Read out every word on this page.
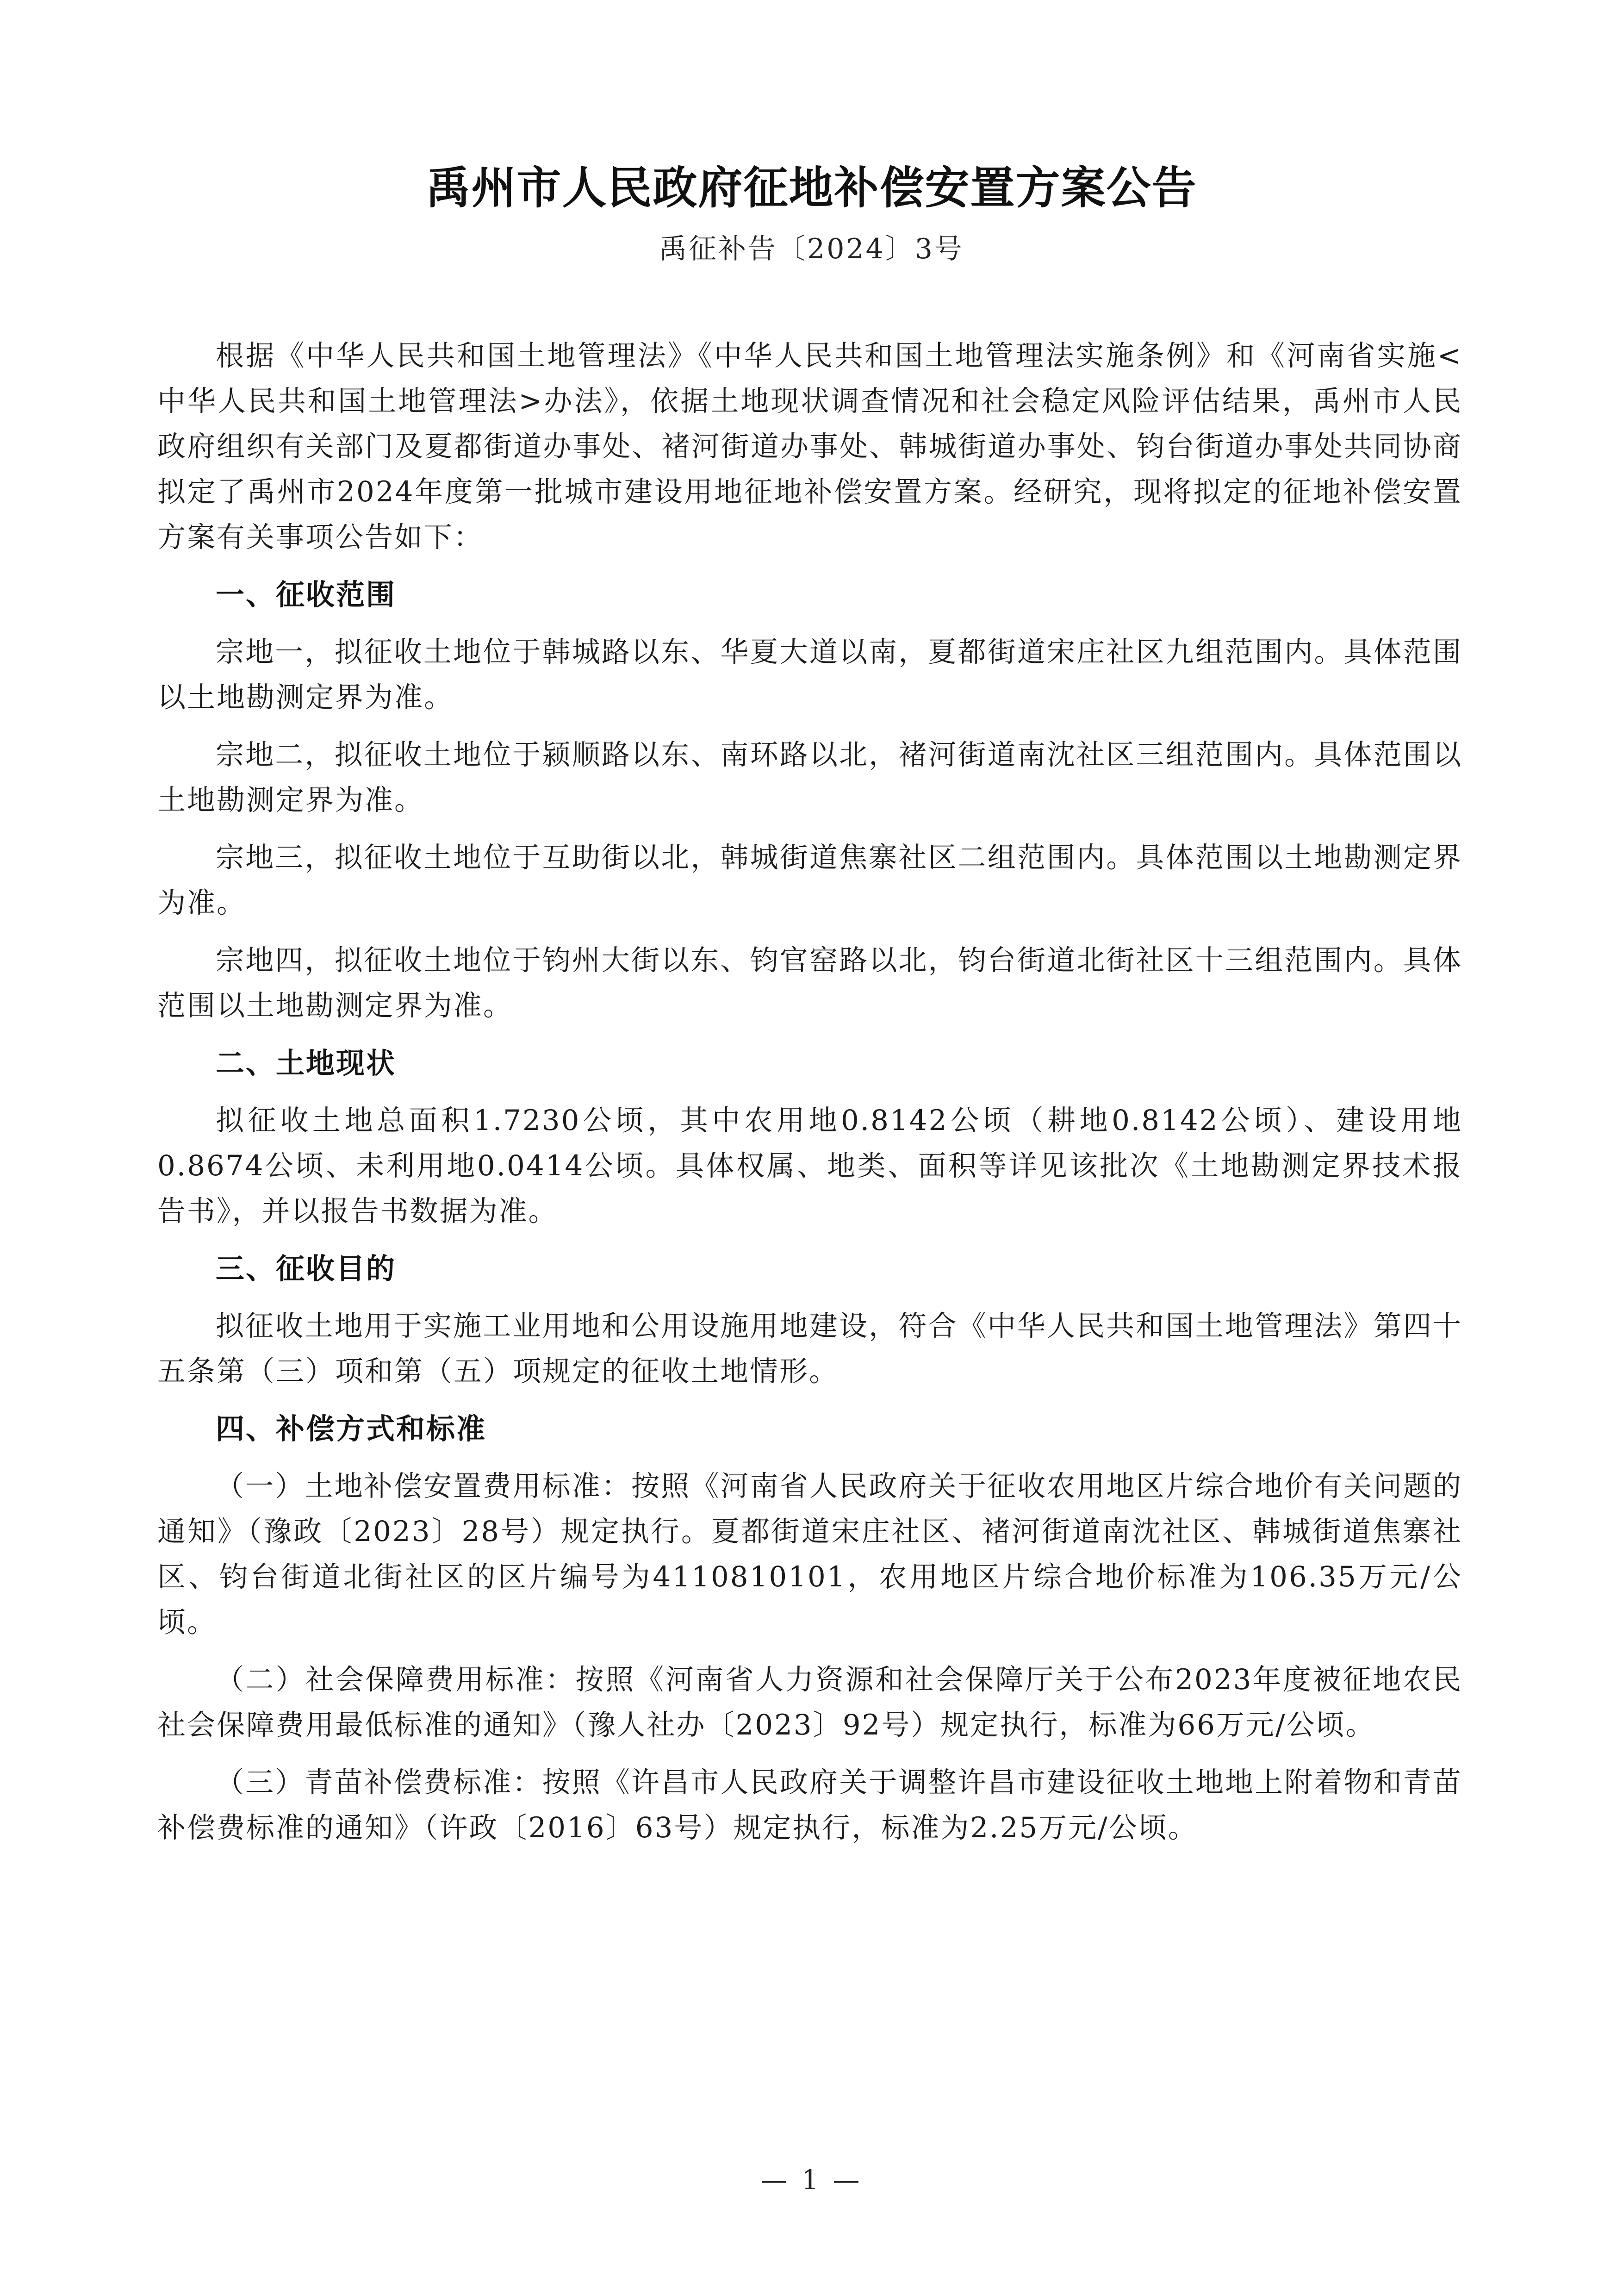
禹州市人民政府征地补偿安置方案公告
禹征补告〔2024〕3号

根据《中华人民共和国土地管理法》《中华人民共和国土地管理法实施条例》和《河南省实施<中华人民共和国土地管理法>办法》，依据土地现状调查情况和社会稳定风险评估结果，禹州市人民政府组织有关部门及夏都街道办事处、褚河街道办事处、韩城街道办事处、钧台街道办事处共同协商拟定了禹州市2024年度第一批城市建设用地征地补偿安置方案。经研究，现将拟定的征地补偿安置方案有关事项公告如下：

一、征收范围

宗地一，拟征收土地位于韩城路以东、华夏大道以南，夏都街道宋庄社区九组范围内。具体范围以土地勘测定界为准。

宗地二，拟征收土地位于颍顺路以东、南环路以北，褚河街道南沈社区三组范围内。具体范围以土地勘测定界为准。

宗地三，拟征收土地位于互助街以北，韩城街道焦寨社区二组范围内。具体范围以土地勘测定界为准。

宗地四，拟征收土地位于钧州大街以东、钧官窑路以北，钧台街道北街社区十三组范围内。具体范围以土地勘测定界为准。

二、土地现状

拟征收土地总面积1.7230公顷，其中农用地0.8142公顷（耕地0.8142公顷）、建设用地0.8674公顷、未利用地0.0414公顷。具体权属、地类、面积等详见该批次《土地勘测定界技术报告书》，并以报告书数据为准。

三、征收目的

拟征收土地用于实施工业用地和公用设施用地建设，符合《中华人民共和国土地管理法》第四十五条第（三）项和第（五）项规定的征收土地情形。

四、补偿方式和标准

（一）土地补偿安置费用标准：按照《河南省人民政府关于征收农用地区片综合地价有关问题的通知》（豫政〔2023〕28号）规定执行。夏都街道宋庄社区、褚河街道南沈社区、韩城街道焦寨社区、钧台街道北街社区的区片编号为4110810101，农用地区片综合地价标准为106.35万元/公顷。

（二）社会保障费用标准：按照《河南省人力资源和社会保障厅关于公布2023年度被征地农民社会保障费用最低标准的通知》（豫人社办〔2023〕92号）规定执行，标准为66万元/公顷。

（三）青苗补偿费标准：按照《许昌市人民政府关于调整许昌市建设征收土地地上附着物和青苗补偿费标准的通知》（许政〔2016〕63号）规定执行，标准为2.25万元/公顷。

— 1 —
